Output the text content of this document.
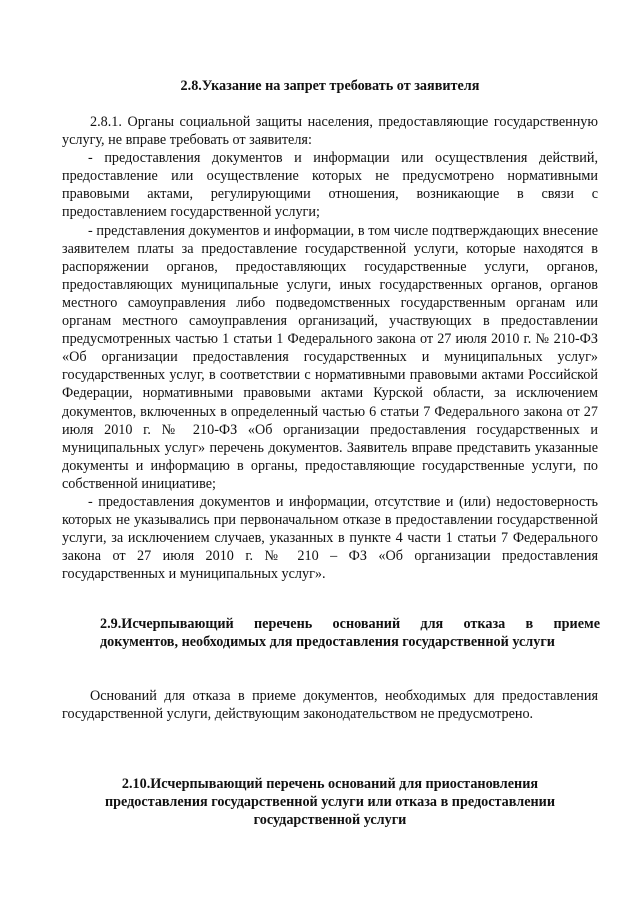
2.8.Указание на запрет требовать от заявителя

2.8.1. Органы социальной защиты населения, предоставляющие государственную услугу, не вправе требовать от заявителя:

- предоставления документов и информации или осуществления действий, предоставление или осуществление которых не предусмотрено нормативными правовыми актами, регулирующими отношения, возникающие в связи с предоставлением государственной услуги;

- представления документов и информации, в том числе подтверждающих внесение заявителем платы за предоставление государственной услуги, которые находятся в распоряжении органов, предоставляющих государственные услуги, органов, предоставляющих муниципальные услуги, иных государственных органов, органов местного самоуправления либо подведомственных государственным органам или органам местного самоуправления организаций, участвующих в предоставлении предусмотренных частью 1 статьи 1 Федерального закона от 27 июля 2010 г. № 210-ФЗ «Об организации предоставления государственных и муниципальных услуг» государственных услуг, в соответствии с нормативными правовыми актами Российской Федерации, нормативными правовыми актами Курской области, за исключением документов, включенных в определенный частью 6 статьи 7 Федерального закона от 27 июля 2010 г. № 210-ФЗ «Об организации предоставления государственных и муниципальных услуг» перечень документов. Заявитель вправе представить указанные документы и информацию в органы, предоставляющие государственные услуги, по собственной инициативе;

- предоставления документов и информации, отсутствие и (или) недостоверность которых не указывались при первоначальном отказе в предоставлении государственной услуги, за исключением случаев, указанных в пункте 4 части 1 статьи 7 Федерального закона от 27 июля 2010 г. № 210 – ФЗ «Об организации предоставления государственных и муниципальных услуг».

2.9.Исчерпывающий перечень оснований для отказа в приеме
документов, необходимых для предоставления государственной услуги

Оснований для отказа в приеме документов, необходимых для предоставления государственной услуги, действующим законодательством не предусмотрено.

2.10.Исчерпывающий перечень оснований для приостановления
предоставления государственной услуги или отказа в предоставлении
государственной услуги
